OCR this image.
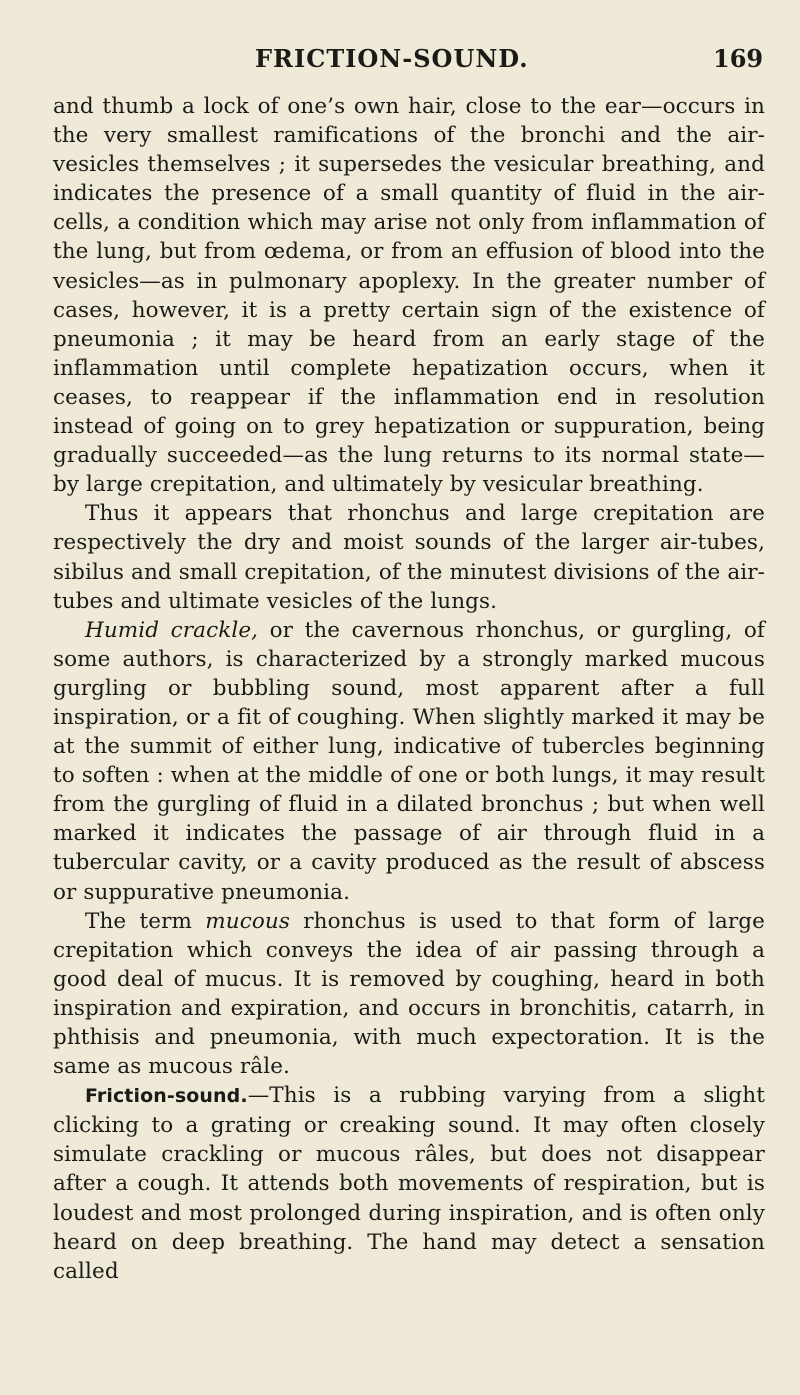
FRICTION-SOUND.	169

and thumb a lock of one’s own hair, close to the ear—occurs in the very smallest ramifications of the bronchi and the air-vesicles themselves ; it supersedes the vesicular breathing, and indicates the presence of a small quantity of fluid in the air-cells, a condition which may arise not only from inflammation of the lung, but from œdema, or from an effusion of blood into the vesicles—as in pulmonary apoplexy. In the greater number of cases, however, it is a pretty certain sign of the existence of pneumonia ; it may be heard from an early stage of the inflammation until complete hepatization occurs, when it ceases, to reappear if the inflammation end in resolution instead of going on to grey hepatization or suppuration, being gradually succeeded—as the lung returns to its normal state—by large crepitation, and ultimately by vesicular breathing.

Thus it appears that rhonchus and large crepitation are respectively the dry and moist sounds of the larger air-tubes, sibilus and small crepitation, of the minutest divisions of the air-tubes and ultimate vesicles of the lungs.

Humid crackle, or the cavernous rhonchus, or gurgling, of some authors, is characterized by a strongly marked mucous gurgling or bubbling sound, most apparent after a full inspiration, or a fit of coughing. When slightly marked it may be at the summit of either lung, indicative of tubercles beginning to soften : when at the middle of one or both lungs, it may result from the gurgling of fluid in a dilated bronchus ; but when well marked it indicates the passage of air through fluid in a tubercular cavity, or a cavity produced as the result of abscess or suppurative pneumonia.

The term mucous rhonchus is used to that form of large crepitation which conveys the idea of air passing through a good deal of mucus. It is removed by coughing, heard in both inspiration and expiration, and occurs in bronchitis, catarrh, in phthisis and pneumonia, with much expectoration. It is the same as mucous râle.

Friction-sound.—This is a rubbing varying from a slight clicking to a grating or creaking sound. It may often closely simulate crackling or mucous râles, but does not disappear after a cough. It attends both movements of respiration, but is loudest and most prolonged during inspiration, and is often only heard on deep breathing. The hand may detect a sensation called
